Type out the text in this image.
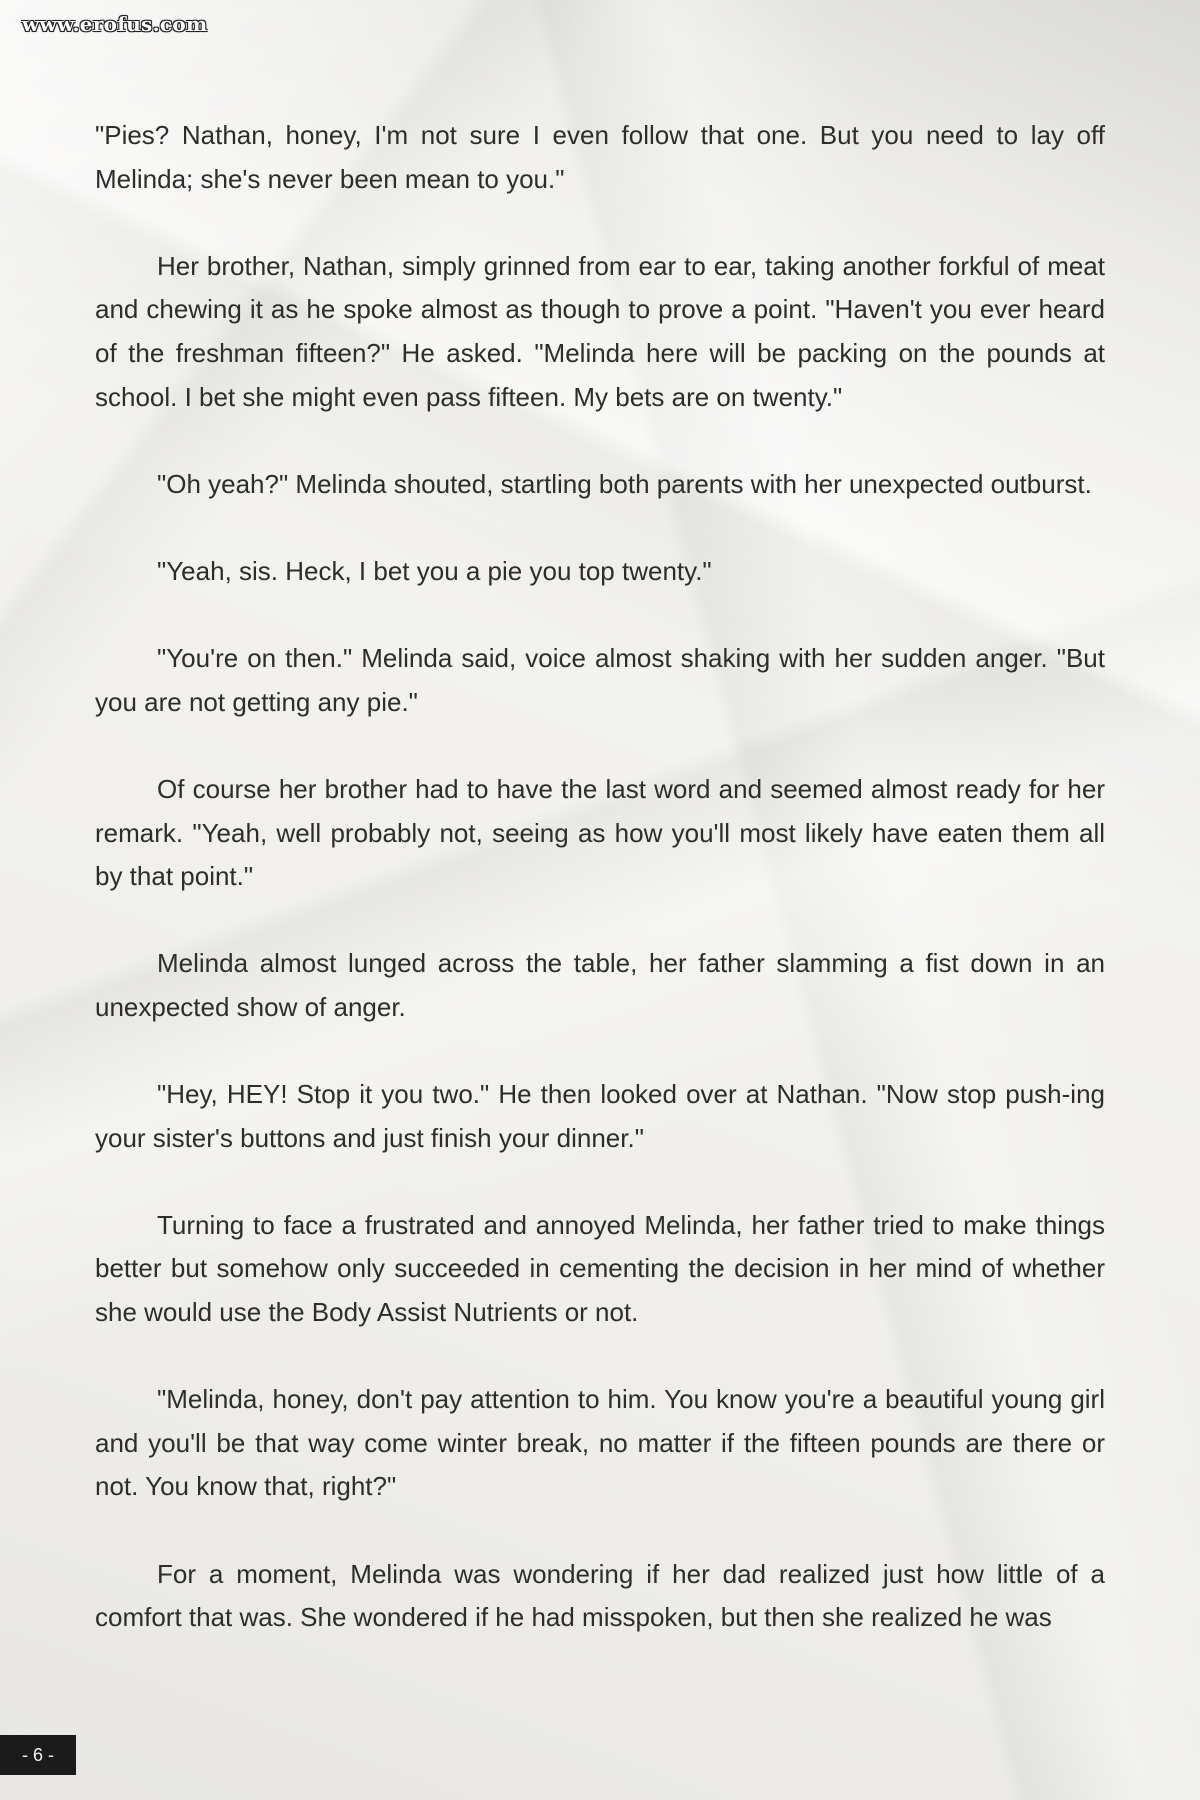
www.erofus.com

"Pies? Nathan, honey, I'm not sure I even follow that one. But you need to lay off Melinda; she's never been mean to you."

Her brother, Nathan, simply grinned from ear to ear, taking another forkful of meat and chewing it as he spoke almost as though to prove a point. "Haven't you ever heard of the freshman fifteen?" He asked. "Melinda here will be packing on the pounds at school. I bet she might even pass fifteen. My bets are on twenty."

"Oh yeah?" Melinda shouted, startling both parents with her unexpected outburst.

"Yeah, sis. Heck, I bet you a pie you top twenty."

"You're on then." Melinda said, voice almost shaking with her sudden anger. "But you are not getting any pie."

Of course her brother had to have the last word and seemed almost ready for her remark. "Yeah, well probably not, seeing as how you'll most likely have eaten them all by that point."

Melinda almost lunged across the table, her father slamming a fist down in an unexpected show of anger.

"Hey, HEY! Stop it you two." He then looked over at Nathan. "Now stop push-ing your sister's buttons and just finish your dinner."

Turning to face a frustrated and annoyed Melinda, her father tried to make things better but somehow only succeeded in cementing the decision in her mind of whether she would use the Body Assist Nutrients or not.

"Melinda, honey, don't pay attention to him. You know you're a beautiful young girl and you'll be that way come winter break, no matter if the fifteen pounds are there or not. You know that, right?"

For a moment, Melinda was wondering if her dad realized just how little of a comfort that was. She wondered if he had misspoken, but then she realized he was

- 6 -
